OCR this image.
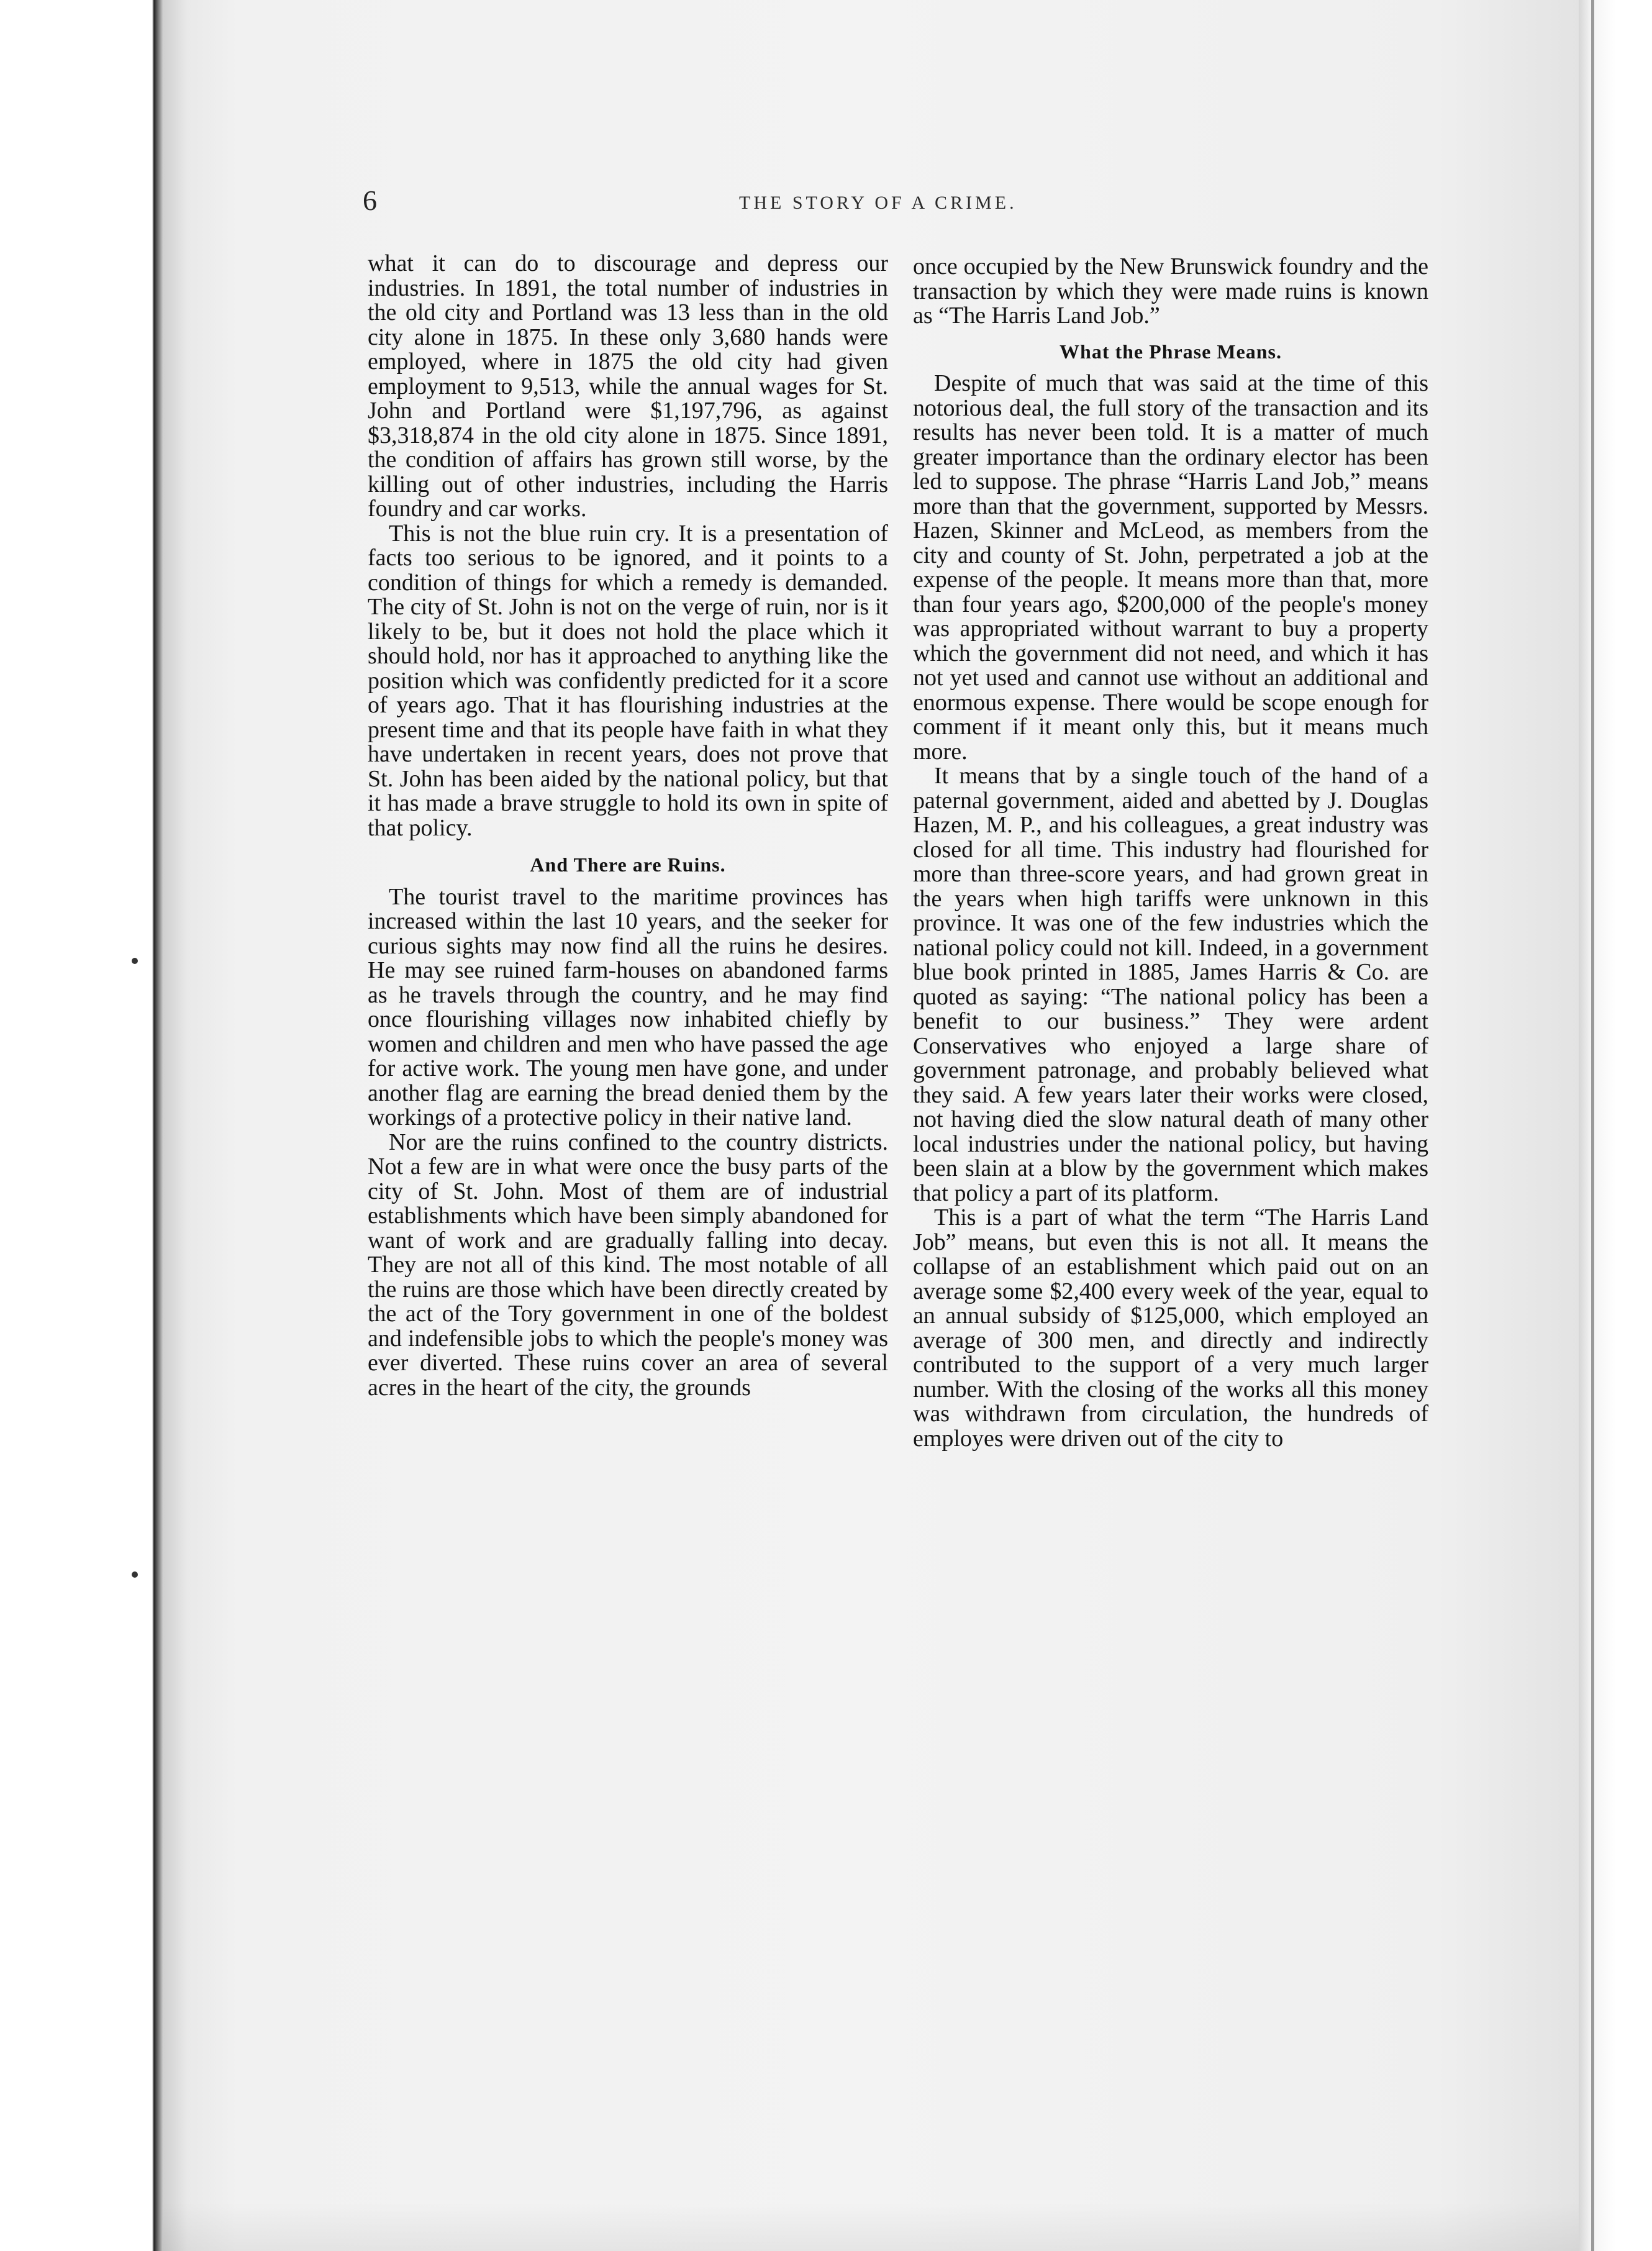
6	THE STORY OF A CRIME.

what it can do to discourage and depress our industries. In 1891, the total number of industries in the old city and Portland was 13 less than in the old city alone in 1875. In these only 3,680 hands were employed, where in 1875 the old city had given employment to 9,513, while the annual wages for St. John and Portland were $1,197,796, as against $3,318,874 in the old city alone in 1875. Since 1891, the condition of affairs has grown still worse, by the killing out of other industries, including the Harris foundry and car works.

This is not the blue ruin cry. It is a presentation of facts too serious to be ignored, and it points to a condition of things for which a remedy is demanded. The city of St. John is not on the verge of ruin, nor is it likely to be, but it does not hold the place which it should hold, nor has it approached to anything like the position which was confidently predicted for it a score of years ago. That it has flourishing industries at the present time and that its people have faith in what they have undertaken in recent years, does not prove that St. John has been aided by the national policy, but that it has made a brave struggle to hold its own in spite of that policy.

And There are Ruins.

The tourist travel to the maritime provinces has increased within the last 10 years, and the seeker for curious sights may now find all the ruins he desires. He may see ruined farm-houses on abandoned farms as he travels through the country, and he may find once flourishing villages now inhabited chiefly by women and children and men who have passed the age for active work. The young men have gone, and under another flag are earning the bread denied them by the workings of a protective policy in their native land.

Nor are the ruins confined to the country districts. Not a few are in what were once the busy parts of the city of St. John. Most of them are of industrial establishments which have been simply abandoned for want of work and are gradually falling into decay. They are not all of this kind. The most notable of all the ruins are those which have been directly created by the act of the Tory government in one of the boldest and indefensible jobs to which the people's money was ever diverted. These ruins cover an area of several acres in the heart of the city, the grounds

once occupied by the New Brunswick foundry and the transaction by which they were made ruins is known as “The Harris Land Job.”

What the Phrase Means.

Despite of much that was said at the time of this notorious deal, the full story of the transaction and its results has never been told. It is a matter of much greater importance than the ordinary elector has been led to suppose. The phrase “Harris Land Job,” means more than that the government, supported by Messrs. Hazen, Skinner and McLeod, as members from the city and county of St. John, perpetrated a job at the expense of the people. It means more than that, more than four years ago, $200,000 of the people's money was appropriated without warrant to buy a property which the government did not need, and which it has not yet used and cannot use without an additional and enormous expense. There would be scope enough for comment if it meant only this, but it means much more.

It means that by a single touch of the hand of a paternal government, aided and abetted by J. Douglas Hazen, M. P., and his colleagues, a great industry was closed for all time. This industry had flourished for more than three-score years, and had grown great in the years when high tariffs were unknown in this province. It was one of the few industries which the national policy could not kill. Indeed, in a government blue book printed in 1885, James Harris & Co. are quoted as saying: “The national policy has been a benefit to our business.” They were ardent Conservatives who enjoyed a large share of government patronage, and probably believed what they said. A few years later their works were closed, not having died the slow natural death of many other local industries under the national policy, but having been slain at a blow by the government which makes that policy a part of its platform.

This is a part of what the term “The Harris Land Job” means, but even this is not all. It means the collapse of an establishment which paid out on an average some $2,400 every week of the year, equal to an annual subsidy of $125,000, which employed an average of 300 men, and directly and indirectly contributed to the support of a very much larger number. With the closing of the works all this money was withdrawn from circulation, the hundreds of employes were driven out of the city to
